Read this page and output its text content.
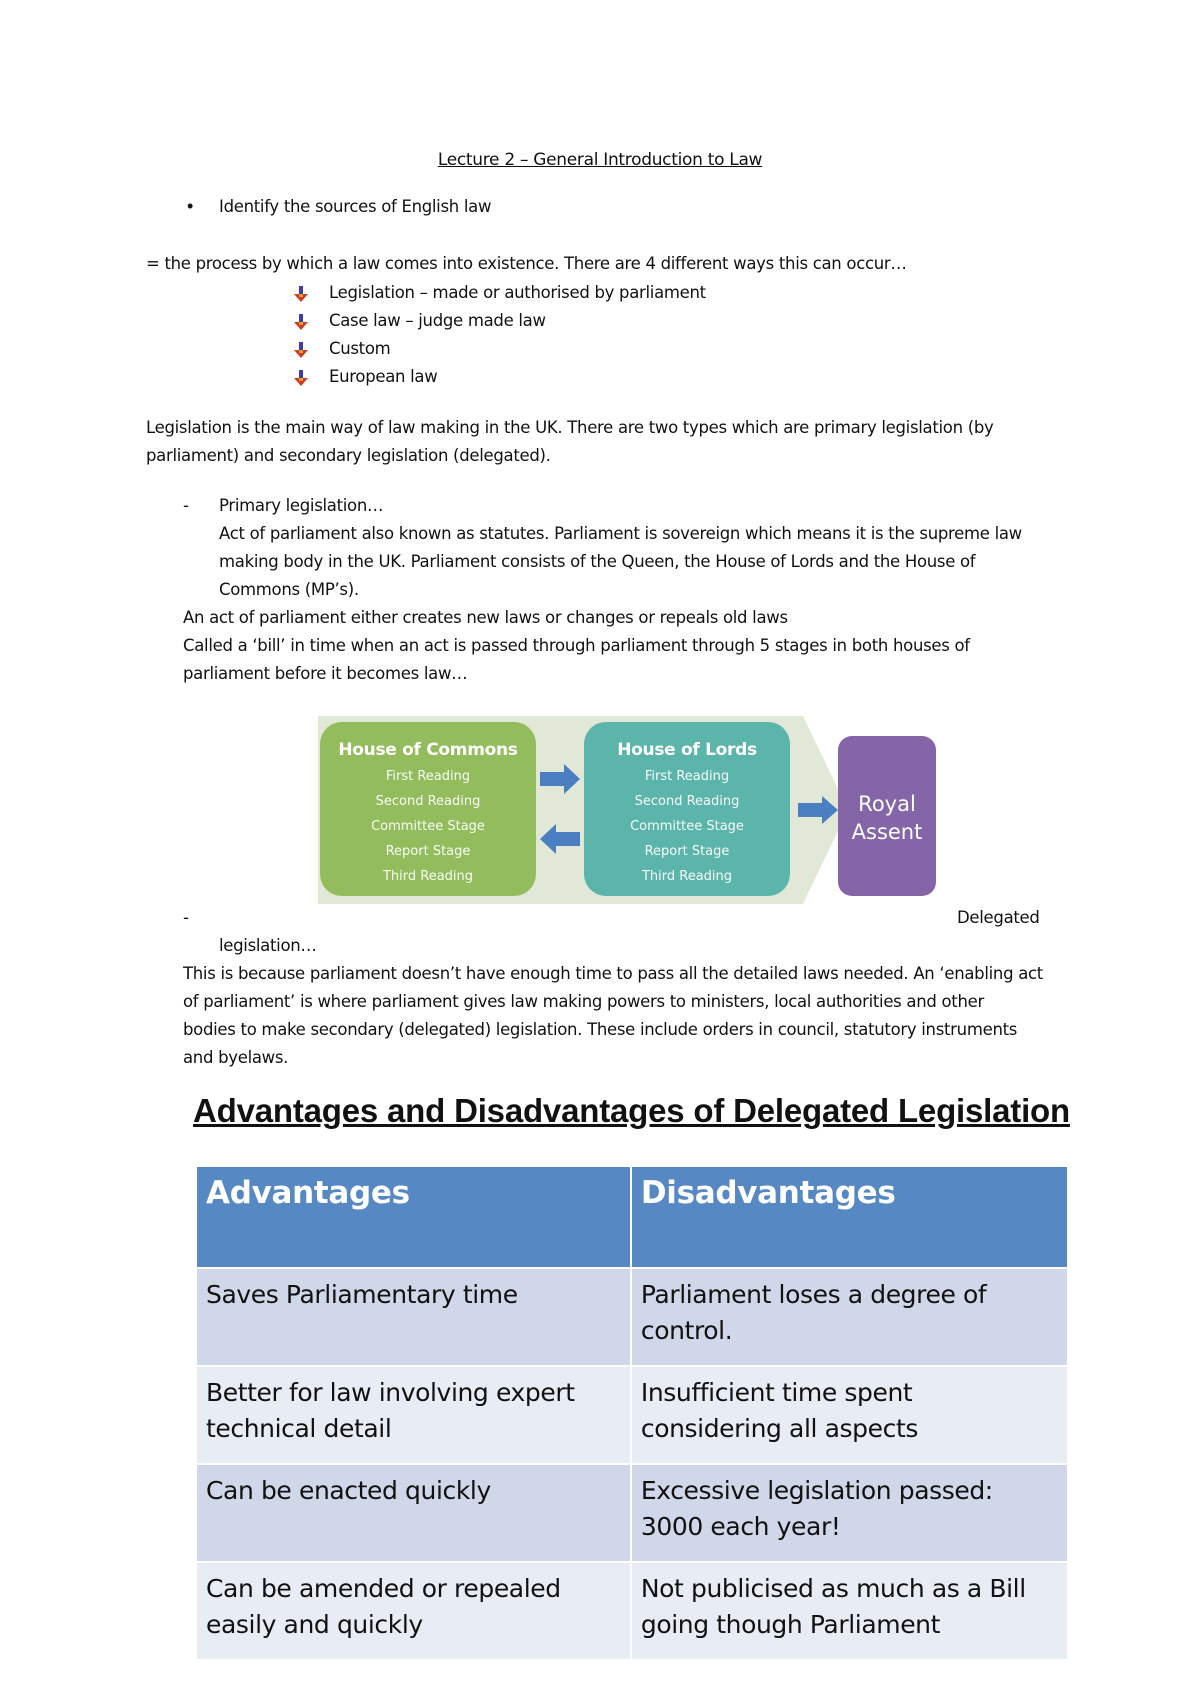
Lecture 2 – General Introduction to Law
• Identify the sources of English law
= the process by which a law comes into existence. There are 4 different ways this can occur…
Legislation – made or authorised by parliament
Case law – judge made law
Custom
European law
Legislation is the main way of law making in the UK. There are two types which are primary legislation (by
parliament) and secondary legislation (delegated).
- Primary legislation…
Act of parliament also known as statutes. Parliament is sovereign which means it is the supreme law
making body in the UK. Parliament consists of the Queen, the House of Lords and the House of
Commons (MP’s).
An act of parliament either creates new laws or changes or repeals old laws
Called a ‘bill’ in time when an act is passed through parliament through 5 stages in both houses of
parliament before it becomes law…
House of Commons
First Reading
Second Reading
Committee Stage
Report Stage
Third Reading
House of Lords
First Reading
Second Reading
Committee Stage
Report Stage
Third Reading
Royal
Assent
-	Delegated
legislation…
This is because parliament doesn’t have enough time to pass all the detailed laws needed. An ‘enabling act
of parliament’ is where parliament gives law making powers to ministers, local authorities and other
bodies to make secondary (delegated) legislation. These include orders in council, statutory instruments
and byelaws.
Advantages and Disadvantages of Delegated Legislation
Advantages	Disadvantages
Saves Parliamentary time	Parliament loses a degree of control.
Better for law involving expert technical detail	Insufficient time spent considering all aspects
Can be enacted quickly	Excessive legislation passed: 3000 each year!
Can be amended or repealed easily and quickly	Not publicised as much as a Bill going though Parliament
